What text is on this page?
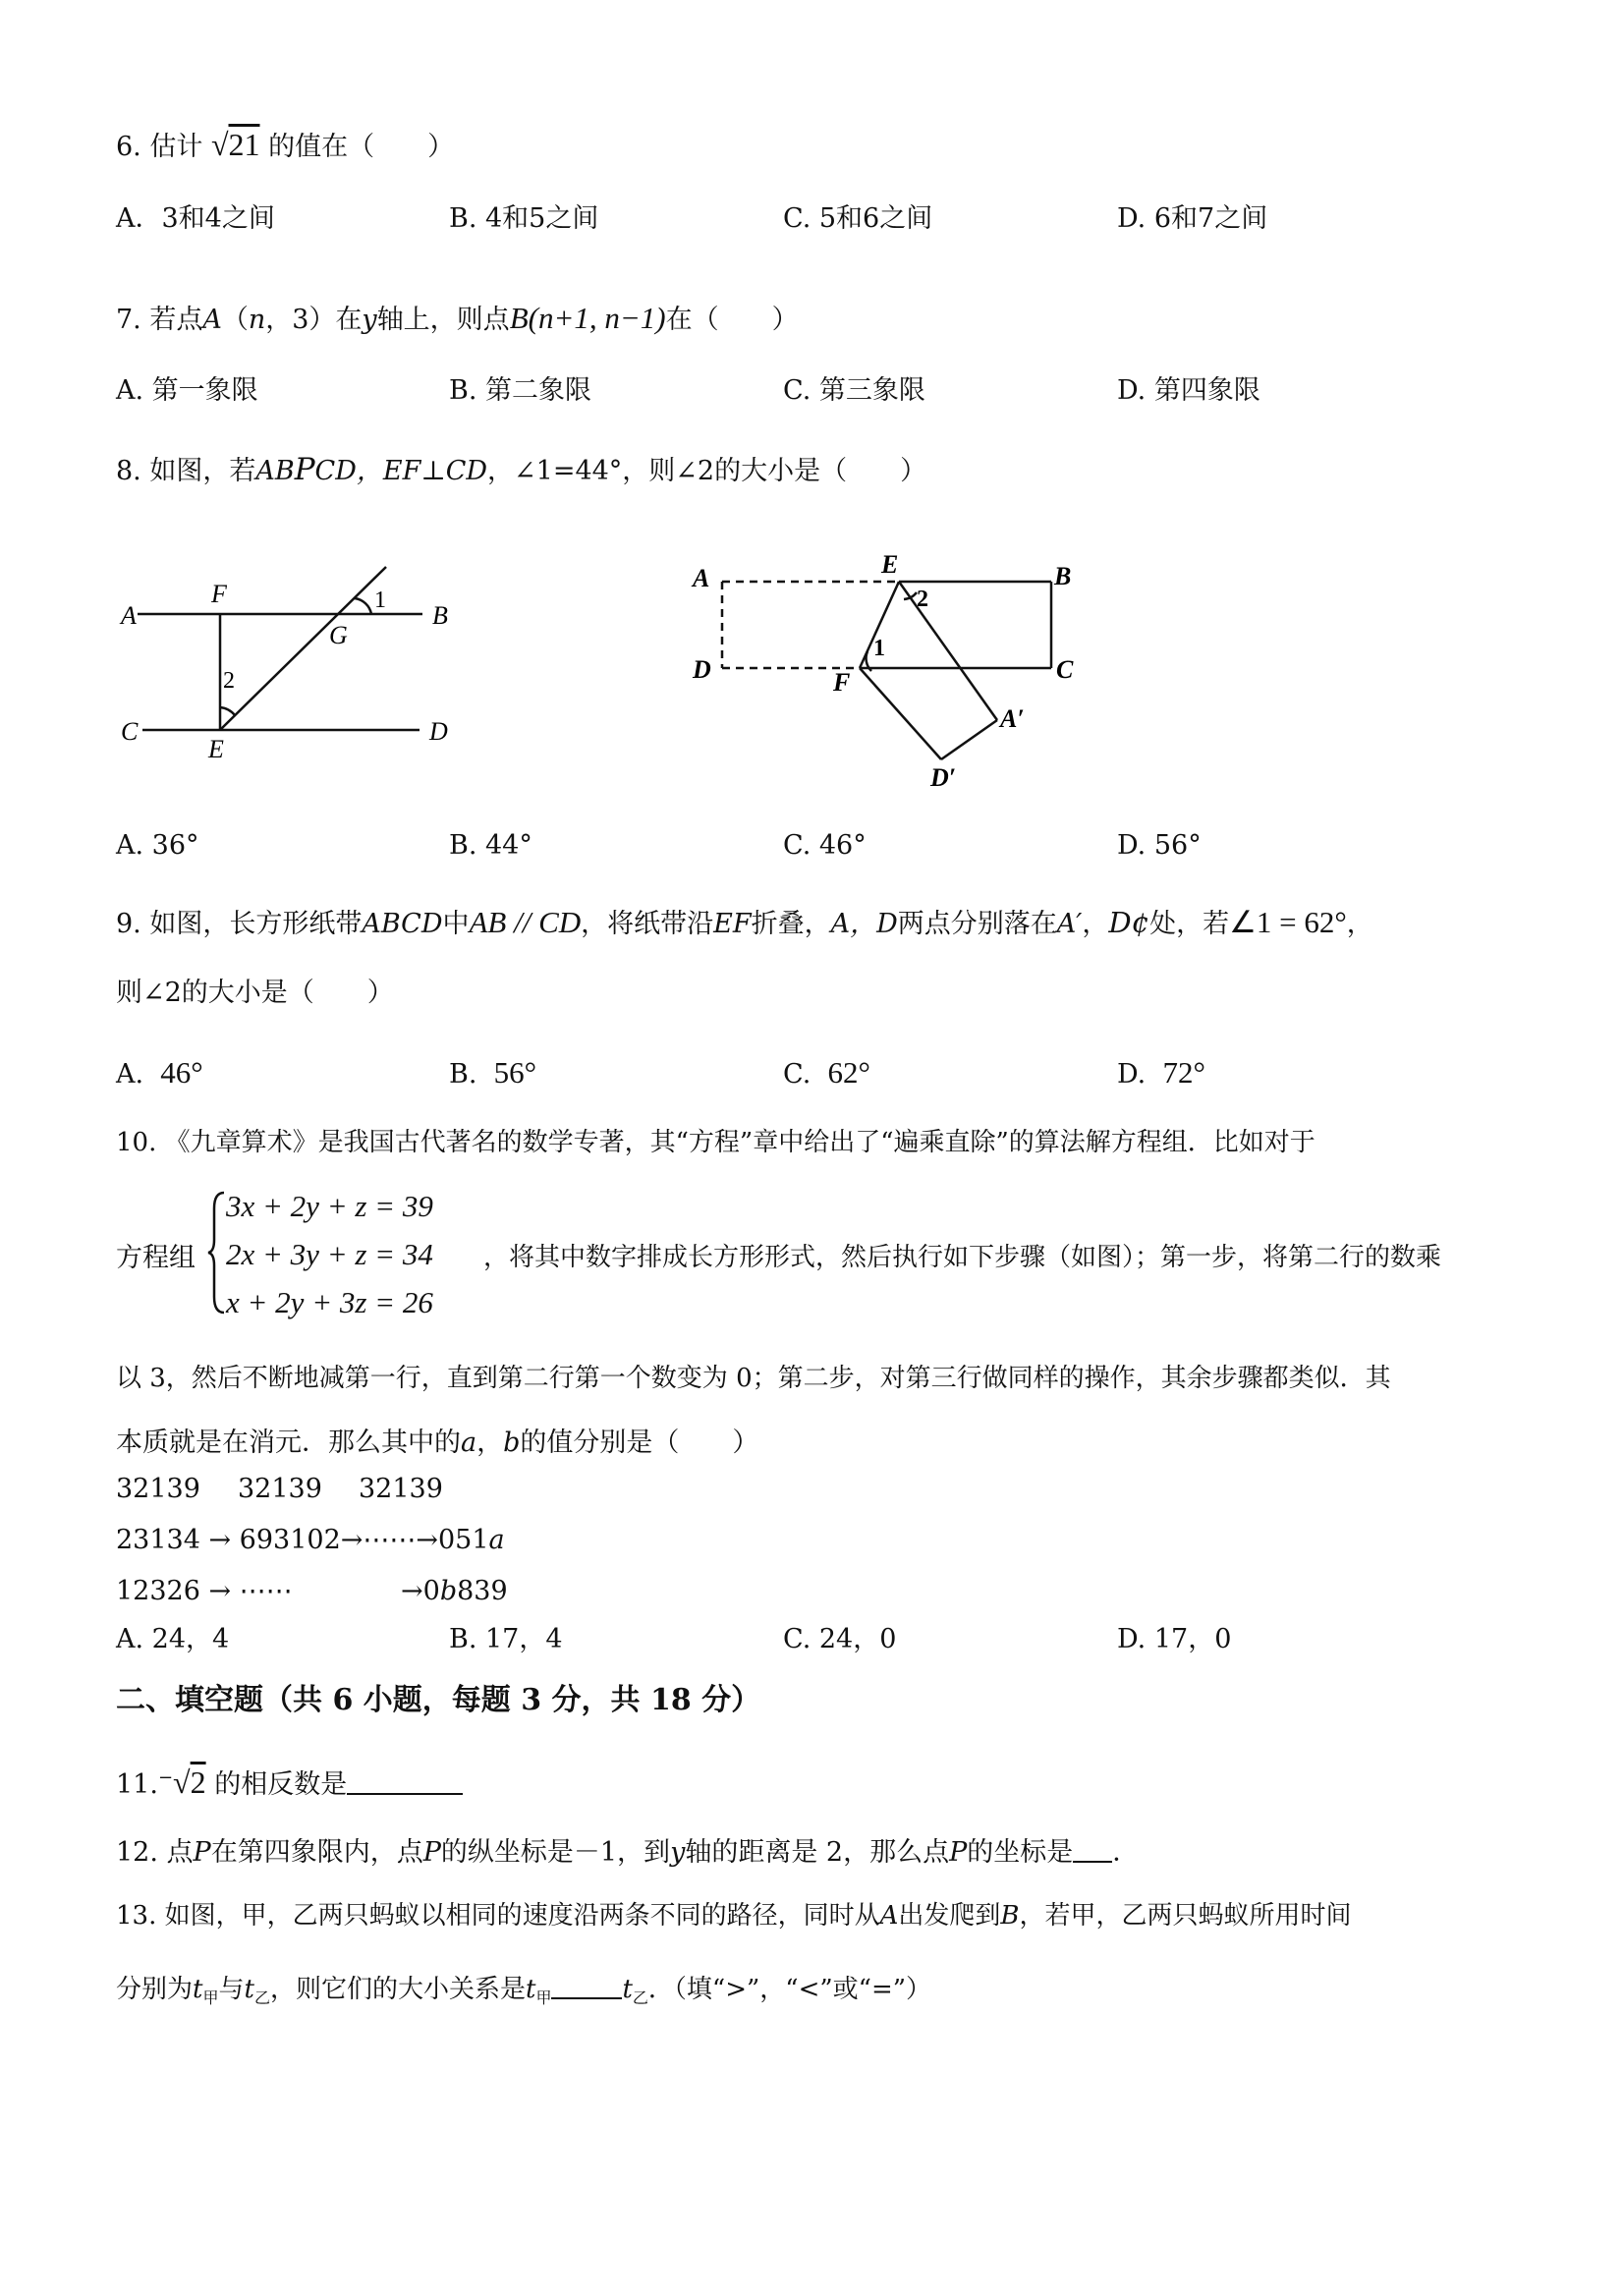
6. 估计 √21 的值在（　　）
A．3和4之间	B. 4和5之间	C. 5和6之间	D. 6和7之间
7. 若点A（n，3）在y轴上，则点B(n+1, n−1)在（　　）
A. 第一象限	B. 第二象限	C. 第三象限	D. 第四象限
8. 如图，若ABPCD，EF⊥CD，∠1=44°，则∠2的大小是（　　）
A
F
G
B
1
2
C
E
D
A	E	B
2
1
D	F	C
A′
D′
A. 36°	B. 44°	C. 46°	D. 56°
9. 如图，长方形纸带ABCD中AB // CD，将纸带沿EF折叠，A，D两点分别落在A′，D¢处，若∠1 = 62°，
则∠2的大小是（　　）
A. 46°	B. 56°	C. 62°	D. 72°
10. 《九章算术》是我国古代著名的数学专著，其“方程”章中给出了“遍乘直除”的算法解方程组．比如对于
方程组
3x + 2y + z = 39
2x + 3y + z = 34
x + 2y + 3z = 26
，将其中数字排成长方形形式，然后执行如下步骤（如图）；第一步，将第二行的数乘
以 3，然后不断地减第一行，直到第二行第一个数变为 0；第二步，对第三行做同样的操作，其余步骤都类似．其
本质就是在消元．那么其中的a，b的值分别是（　　）
32139 32139 32139
23134 → 693102→⋯⋯→051a
12326 → ⋯⋯	→0b839
A. 24，4	B. 17，4	C. 24，0	D. 17，0
二、填空题（共 6 小题，每题 3 分，共 18 分）
11.−√2 的相反数是
12. 点P在第四象限内，点P的纵坐标是－1，到y轴的距离是 2，那么点P的坐标是 ．
13. 如图，甲，乙两只蚂蚁以相同的速度沿两条不同的路径，同时从A出发爬到B，若甲，乙两只蚂蚁所用时间
分别为$t_甲$与$t_乙$，则它们的大小关系是$t_甲$	$t_乙$．（填“>”，“<”或“=”）
